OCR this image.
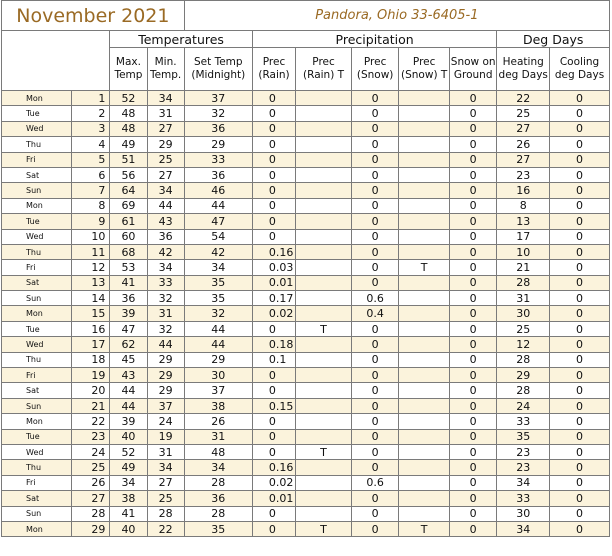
November 2021				Pandora, Ohio 33-6405-1							
		Temperatures			Precipitation					Deg Days	
		Max. Temp	Min. Temp.	Set Temp (Midnight)	Prec (Rain)	Prec (Rain) T	Prec (Snow)	Prec (Snow) T	Snow on Ground	Heating deg Days	Cooling deg Days
Mon	1	52	34	37	0		0		0	22	0
Tue	2	48	31	32	0		0		0	25	0
Wed	3	48	27	36	0		0		0	27	0
Thu	4	49	29	29	0		0		0	26	0
Fri	5	51	25	33	0		0		0	27	0
Sat	6	56	27	36	0		0		0	23	0
Sun	7	64	34	46	0		0		0	16	0
Mon	8	69	44	44	0		0		0	8	0
Tue	9	61	43	47	0		0		0	13	0
Wed	10	60	36	54	0		0		0	17	0
Thu	11	68	42	42	0.16		0		0	10	0
Fri	12	53	34	34	0.03		0	T	0	21	0
Sat	13	41	33	35	0.01		0		0	28	0
Sun	14	36	32	35	0.17		0.6		0	31	0
Mon	15	39	31	32	0.02		0.4		0	30	0
Tue	16	47	32	44	0	T	0		0	25	0
Wed	17	62	44	44	0.18		0		0	12	0
Thu	18	45	29	29	0.1		0		0	28	0
Fri	19	43	29	30	0		0		0	29	0
Sat	20	44	29	37	0		0		0	28	0
Sun	21	44	37	38	0.15		0		0	24	0
Mon	22	39	24	26	0		0		0	33	0
Tue	23	40	19	31	0		0		0	35	0
Wed	24	52	31	48	0	T	0		0	23	0
Thu	25	49	34	34	0.16		0		0	23	0
Fri	26	34	27	28	0.02		0.6		0	34	0
Sat	27	38	25	36	0.01		0		0	33	0
Sun	28	41	28	28	0		0		0	30	0
Mon	29	40	22	35	0	T	0	T	0	34	0
